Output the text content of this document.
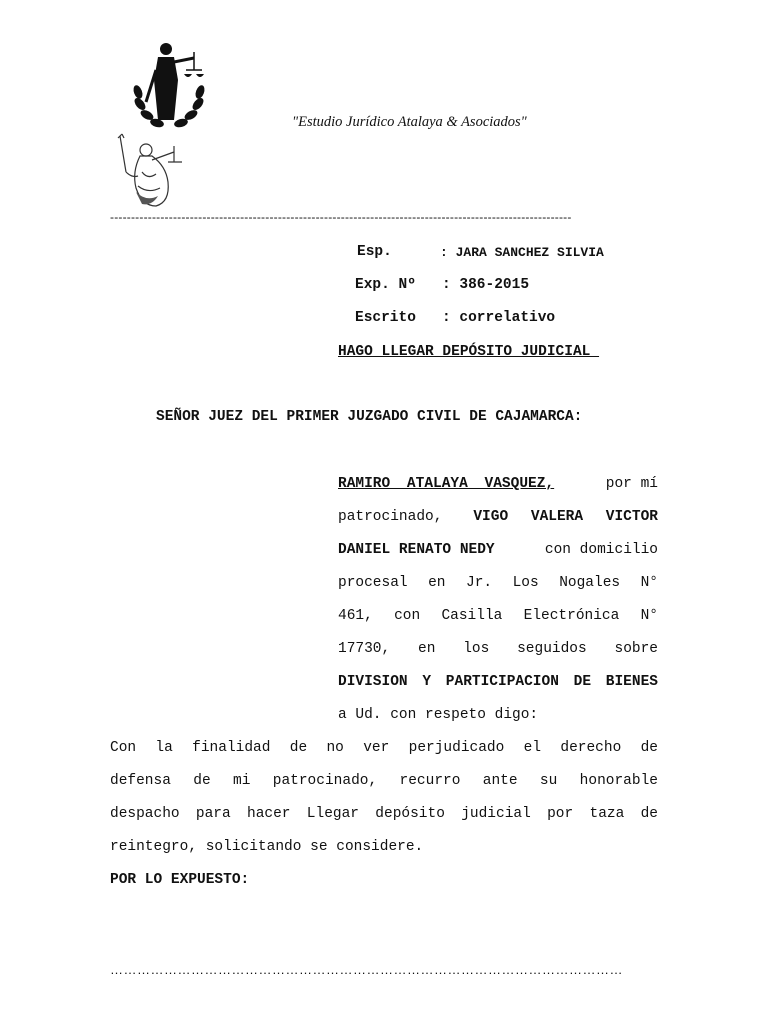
"Estudio Jurídico Atalaya & Asociados"
--------------------------------------------------------------------------------------------------------------
Esp.	: JARA SANCHEZ SILVIA
Exp. Nº : 386-2015
Escrito : correlativo
HAGO LLEGAR DEPÓSITO JUDICIAL
SEÑOR JUEZ DEL PRIMER JUZGADO CIVIL DE CAJAMARCA:
RAMIRO ATALAYA VASQUEZ,	por mí
patrocinado, VIGO VALERA VICTOR
DANIEL RENATO NEDY	con domicilio
procesal en Jr. Los Nogales N°
461, con Casilla Electrónica N°
17730, en los seguidos sobre
DIVISION Y PARTICIPACION DE BIENES
a Ud. con respeto digo:
Con la finalidad de no ver perjudicado el derecho de
defensa de mi patrocinado, recurro ante su honorable
despacho para hacer Llegar depósito judicial por taza de
reintegro, solicitando se considere.
POR LO EXPUESTO:
……………………………………………………………………………………………………
